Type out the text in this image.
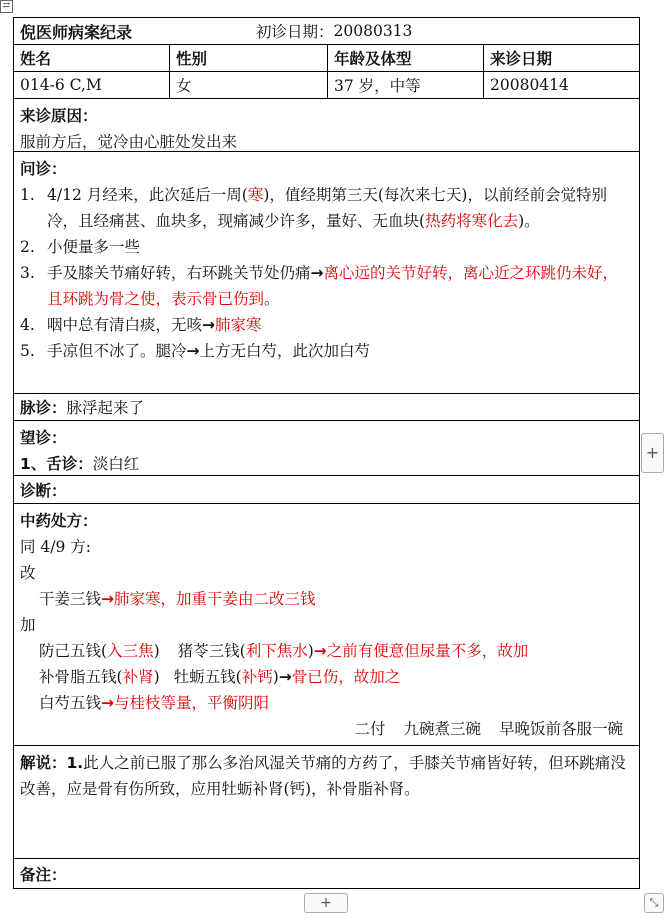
⇄
倪医师病案纪录	初诊日期： 20080313
姓名	性别	年龄及体型	来诊日期
014-6 C,M	女	37 岁，中等	20080414
来诊原因：
服前方后，觉冷由心脏处发出来
问诊：
1. 4/12 月经来，此次延后一周(寒)，值经期第三天(每次来七天)，以前经前会觉特别冷，且经痛甚、血块多，现痛减少许多，量好、无血块(热药将寒化去)。
2. 小便量多一些
3. 手及膝关节痛好转，右环跳关节处仍痛→离心远的关节好转，离心近之环跳仍未好，且环跳为骨之使，表示骨已伤到。
4. 咽中总有清白痰，无咳→肺家寒
5. 手凉但不冰了。腿冷→上方无白芍，此次加白芍
脉诊： 脉浮起来了
望诊：
1、舌诊：淡白红
诊断：
中药处方：
同 4/9 方:
改
干姜三钱→肺家寒，加重干姜由二改三钱
加
防己五钱(入三焦) 猪苓三钱(利下焦水)→之前有便意但尿量不多，故加
补骨脂五钱(补肾) 牡蛎五钱(补钙)→骨已伤，故加之
白芍五钱→与桂枝等量，平衡阴阳
二付 九碗煮三碗 早晚饭前各服一碗
解说：1.此人之前已服了那么多治风湿关节痛的方药了，手膝关节痛皆好转，但环跳痛没改善，应是骨有伤所致，应用牡蛎补肾(钙)，补骨脂补肾。
备注：
+
+	⤡
